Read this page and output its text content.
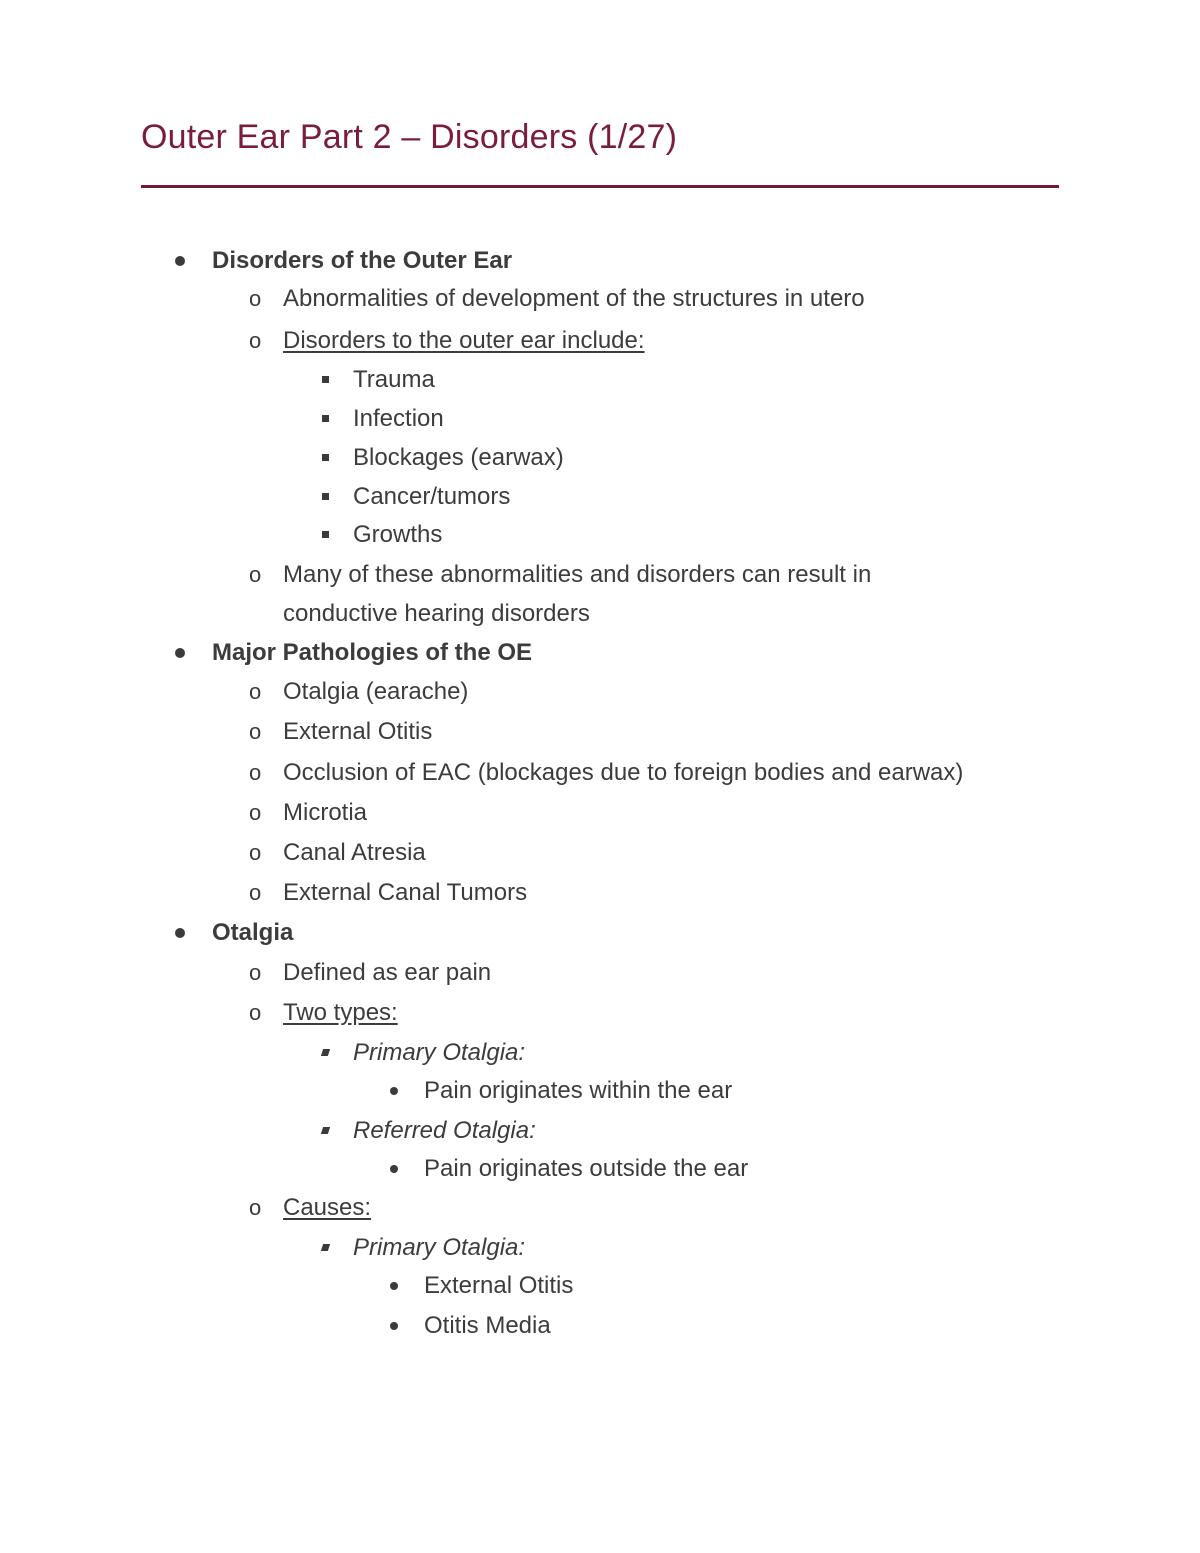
Outer Ear Part 2 – Disorders (1/27)
Disorders of the Outer Ear
Abnormalities of development of the structures in utero
o
Disorders to the outer ear include:
o
Trauma
Infection
Blockages (earwax)
Cancer/tumors
Growths
Many of these abnormalities and disorders can result in
o
conductive hearing disorders
Major Pathologies of the OE
Otalgia (earache)
o
External Otitis
o
Occlusion of EAC (blockages due to foreign bodies and earwax)
o
Microtia
o
Canal Atresia
o
External Canal Tumors
o
Otalgia
Defined as ear pain
o
Two types:
o
Primary Otalgia:
Pain originates within the ear
Referred Otalgia:
Pain originates outside the ear
Causes:
o
Primary Otalgia:
External Otitis
Otitis Media
